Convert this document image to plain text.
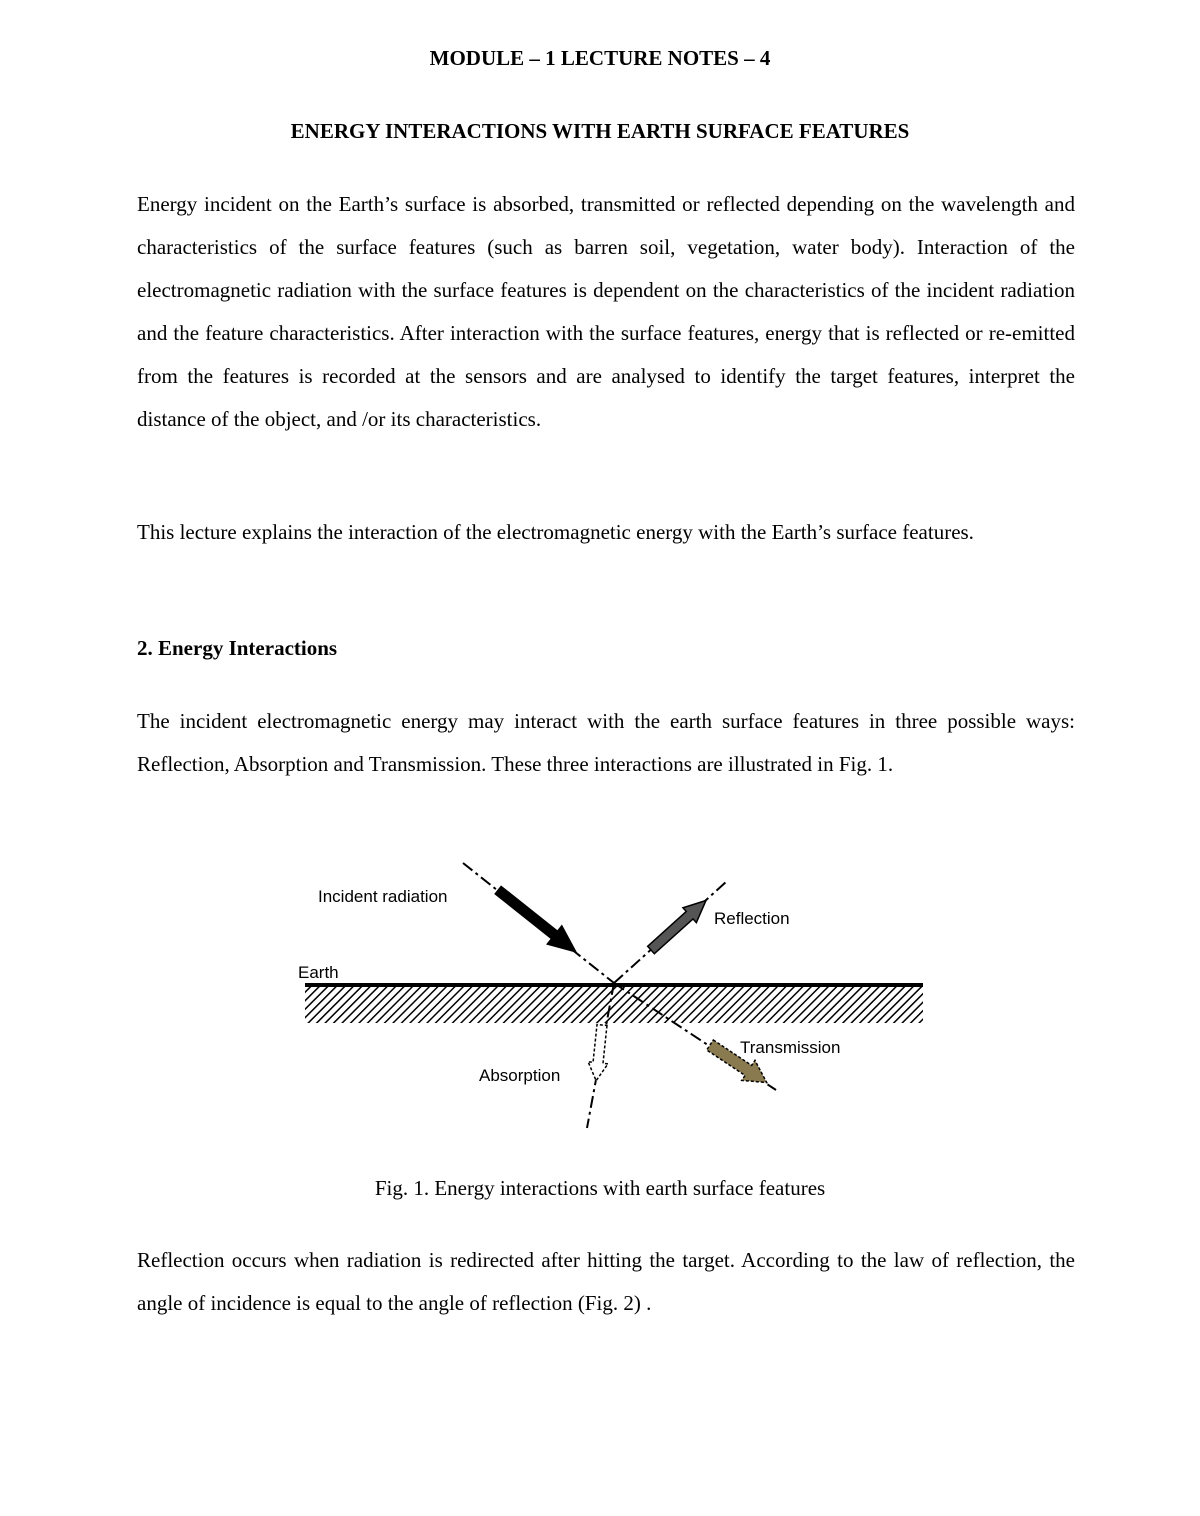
MODULE – 1 LECTURE NOTES – 4
ENERGY INTERACTIONS WITH EARTH SURFACE FEATURES
Energy incident on the Earth’s surface is absorbed, transmitted or reflected depending on the wavelength and characteristics of the surface features (such as barren soil, vegetation, water body). Interaction of the electromagnetic radiation with the surface features is dependent on the characteristics of the incident radiation and the feature characteristics. After interaction with the surface features, energy that is reflected or re-emitted from the features is recorded at the sensors and are analysed to identify the target features, interpret the distance of the object, and /or its characteristics.
This lecture explains the interaction of the electromagnetic energy with the Earth’s surface features.
2. Energy Interactions
The incident electromagnetic energy may interact with the earth surface features in three possible ways: Reflection, Absorption and Transmission. These three interactions are illustrated in Fig. 1.
Incident radiation
Reflection
Earth
Transmission
Absorption
Fig. 1. Energy interactions with earth surface features
Reflection occurs when radiation is redirected after hitting the target. According to the law of reflection, the angle of incidence is equal to the angle of reflection (Fig. 2) .
